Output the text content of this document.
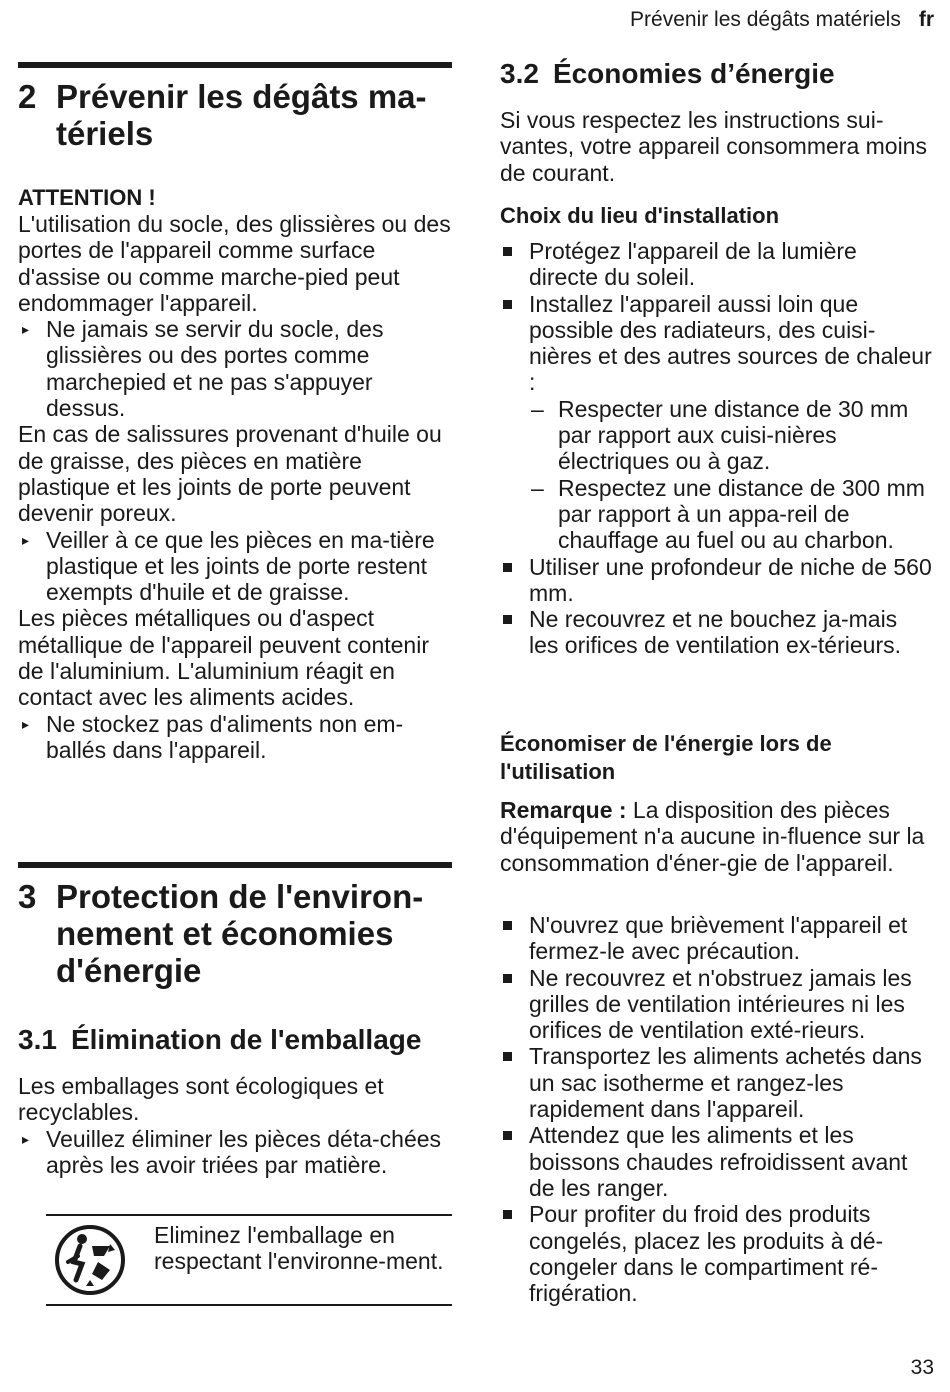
Prévenir les dégâts matériels fr
2 Prévenir les dégâts ma-
tériels
ATTENTION !

L'utilisation du socle, des glissières ou des portes de l'appareil comme surface d'assise ou comme marche-pied peut endommager l'appareil.

▸ Ne jamais se servir du socle, des glissières ou des portes comme marchepied et ne pas s'appuyer dessus.

En cas de salissures provenant d'huile ou de graisse, des pièces en matière plastique et les joints de porte peuvent devenir poreux.

▸ Veiller à ce que les pièces en ma-tière plastique et les joints de porte restent exempts d'huile et de graisse.

Les pièces métalliques ou d'aspect métallique de l'appareil peuvent contenir de l'aluminium. L'aluminium réagit en contact avec les aliments acides.

▸ Ne stockez pas d'aliments non em-ballés dans l'appareil.
3 Protection de l'environ-
nement et économies
d'énergie
3.1 Élimination de l'emballage

Les emballages sont écologiques et recyclables.

▸ Veuillez éliminer les pièces déta-chées après les avoir triées par matière.
Eliminez l'emballage en respectant l'environne-ment.
3.2 Économies d’énergie

Si vous respectez les instructions sui-vantes, votre appareil consommera moins de courant.

Choix du lieu d'installation
Protégez l'appareil de la lumière directe du soleil.
Installez l'appareil aussi loin que possible des radiateurs, des cuisi-nières et des autres sources de chaleur :
– Respecter une distance de 30 mm par rapport aux cuisi-nières électriques ou à gaz.
– Respectez une distance de 300 mm par rapport à un appa-reil de chauffage au fuel ou au charbon.
Utiliser une profondeur de niche de 560 mm.
Ne recouvrez et ne bouchez ja-mais les orifices de ventilation ex-térieurs.
Économiser de l'énergie lors de
l'utilisation

Remarque : La disposition des pièces d'équipement n'a aucune in-fluence sur la consommation d'éner-gie de l'appareil.

N'ouvrez que brièvement l'appareil et fermez-le avec précaution.
Ne recouvrez et n'obstruez jamais les grilles de ventilation intérieures ni les orifices de ventilation exté-rieurs.
Transportez les aliments achetés dans un sac isotherme et rangez-les rapidement dans l'appareil.
Attendez que les aliments et les boissons chaudes refroidissent avant de les ranger.
Pour profiter du froid des produits congelés, placez les produits à dé-congeler dans le compartiment ré-frigération.
33
